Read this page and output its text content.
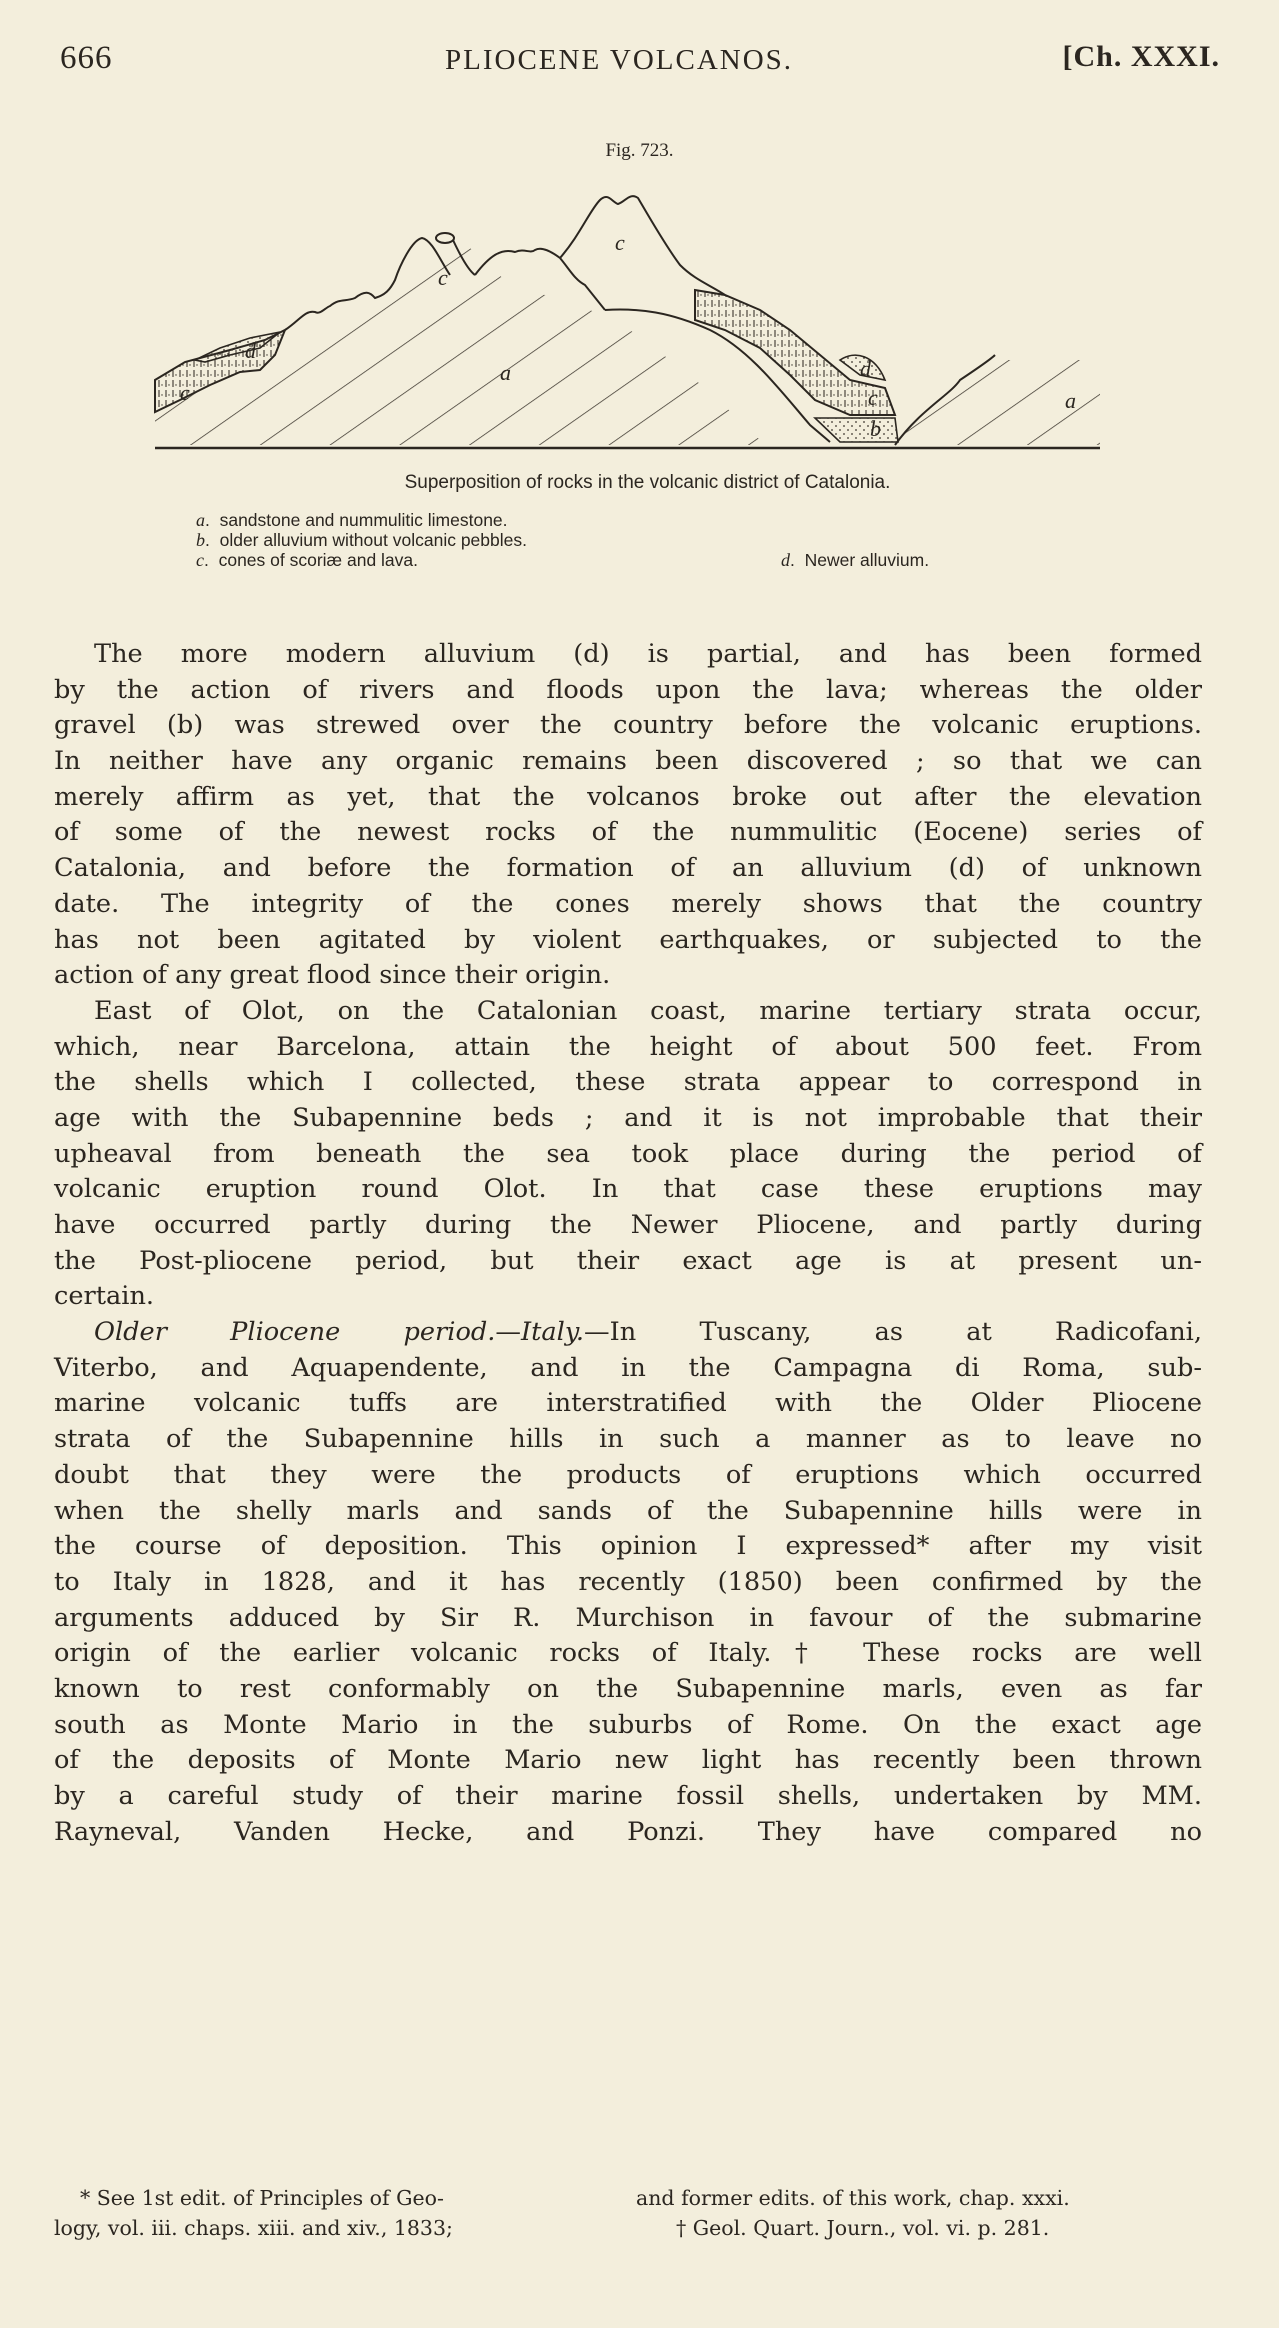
666	PLIOCENE VOLCANOS.	[Ch. XXXI.
Fig. 723.
c
d
c
c
a	d
c
b
a
Superposition of rocks in the volcanic district of Catalonia.
a.  sandstone and nummulitic limestone.
b.  older alluvium without volcanic pebbles.
c.  cones of scoriæ and lava.	d.  Newer alluvium.
The more modern alluvium (d) is partial, and has been formed
by the action of rivers and floods upon the lava; whereas the older
gravel (b) was strewed over the country before the volcanic eruptions.
In neither have any organic remains been discovered ; so that we can
merely affirm as yet, that the volcanos broke out after the elevation
of some of the newest rocks of the nummulitic (Eocene) series of
Catalonia, and before the formation of an alluvium (d) of unknown
date. The integrity of the cones merely shows that the country
has not been agitated by violent earthquakes, or subjected to the
action of any great flood since their origin.
East of Olot, on the Catalonian coast, marine tertiary strata occur,
which, near Barcelona, attain the height of about 500 feet. From
the shells which I collected, these strata appear to correspond in
age with the Subapennine beds ; and it is not improbable that their
upheaval from beneath the sea took place during the period of
volcanic eruption round Olot. In that case these eruptions may
have occurred partly during the Newer Pliocene, and partly during
the Post-pliocene period, but their exact age is at present un-
certain.
Older Pliocene period.—Italy.—In Tuscany, as at Radicofani,
Viterbo, and Aquapendente, and in the Campagna di Roma, sub-
marine volcanic tuffs are interstratified with the Older Pliocene
strata of the Subapennine hills in such a manner as to leave no
doubt that they were the products of eruptions which occurred
when the shelly marls and sands of the Subapennine hills were in
the course of deposition. This opinion I expressed* after my visit
to Italy in 1828, and it has recently (1850) been confirmed by the
arguments adduced by Sir R. Murchison in favour of the submarine
origin of the earlier volcanic rocks of Italy.† These rocks are well
known to rest conformably on the Subapennine marls, even as far
south as Monte Mario in the suburbs of Rome. On the exact age
of the deposits of Monte Mario new light has recently been thrown
by a careful study of their marine fossil shells, undertaken by MM.
Rayneval, Vanden Hecke, and Ponzi. They have compared no
* See 1st edit. of Principles of Geo-
logy, vol. iii. chaps. xiii. and xiv., 1833;
and former edits. of this work, chap. xxxi.
† Geol. Quart. Journ., vol. vi. p. 281.
